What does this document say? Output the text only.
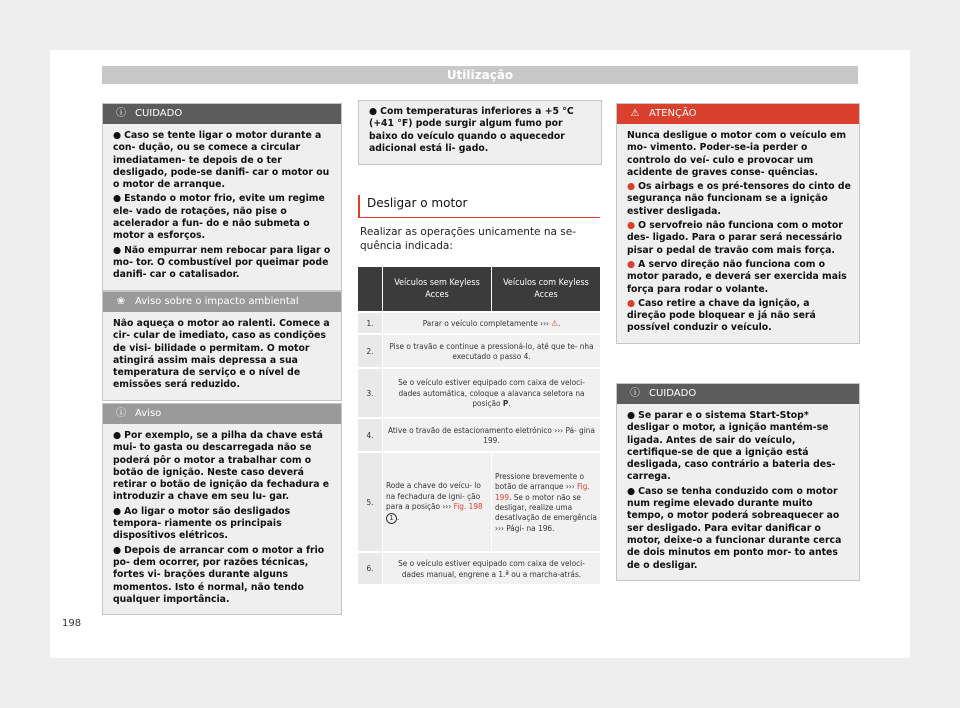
Utilização
ⓘ CUIDADO

● Caso se tente ligar o motor durante a con- dução, ou se comece a circular imediatamen- te depois de o ter desligado, pode-se danifi- car o motor ou o motor de arranque.

● Estando o motor frio, evite um regime ele- vado de rotações, não pise o acelerador a fun- do e não submeta o motor a esforços.

● Não empurrar nem rebocar para ligar o mo- tor. O combustível por queimar pode danifi- car o catalisador.

❀ Aviso sobre o impacto ambiental

Não aqueça o motor ao ralenti. Comece a cir- cular de imediato, caso as condições de visi- bilidade o permitam. O motor atingirá assim mais depressa a sua temperatura de serviço e o nível de emissões será reduzido.

ⓘ Aviso

● Por exemplo, se a pilha da chave está mui- to gasta ou descarregada não se poderá pôr o motor a trabalhar com o botão de ignição. Neste caso deverá retirar o botão de ignição da fechadura e introduzir a chave em seu lu- gar.

● Ao ligar o motor são desligados tempora- riamente os principais dispositivos elétricos.

● Depois de arrancar com o motor a frio po- dem ocorrer, por razões técnicas, fortes vi- brações durante alguns momentos. Isto é normal, não tendo qualquer importância.

● Com temperaturas inferiores a +5 °C (+41 °F) pode surgir algum fumo por baixo do veículo quando o aquecedor adicional está li- gado.

Desligar o motor
Realizar as operações unicamente na se- quência indicada:
	Veículos sem Keyless Acces	Veículos com Keyless Acces
1.	Parar o veículo completamente ››› ⚠.	
2.	Pise o travão e continue a pressioná-lo, até que te- nha executado o passo 4.	
3.	Se o veículo estiver equipado com caixa de veloci- dades automática, coloque a alavanca seletora na posição P.	
4.	Ative o travão de estacionamento eletrónico ››› Pá- gina 199.	
5.	Rode a chave do veícu- lo na fechadura de igni- ção para a posição ››› Fig. 198 1 .	Pressione brevemente o botão de arranque ››› Fig. 199. Se o motor não se desligar, realize uma desativação de emergência ››› Pági- na 196.
6.	Se o veículo estiver equipado com caixa de veloci- dades manual, engrene a 1.ª ou a marcha-atrás.	
⚠ ATENÇÃO

Nunca desligue o motor com o veículo em mo- vimento. Poder-se-ia perder o controlo do veí- culo e provocar um acidente de graves conse- quências.

● Os airbags e os pré-tensores do cinto de segurança não funcionam se a ignição estiver desligada.

● O servofreio não funciona com o motor des- ligado. Para o parar será necessário pisar o pedal de travão com mais força.

● A servo direção não funciona com o motor parado, e deverá ser exercida mais força para rodar o volante.

● Caso retire a chave da ignição, a direção pode bloquear e já não será possível conduzir o veículo.

ⓘ CUIDADO

● Se parar e o sistema Start-Stop* desligar o motor, a ignição mantém-se ligada. Antes de sair do veículo, certifique-se de que a ignição está desligada, caso contrário a bateria des- carrega.

● Caso se tenha conduzido com o motor num regime elevado durante muito tempo, o motor poderá sobreaquecer ao ser desligado. Para evitar danificar o motor, deixe-o a funcionar durante cerca de dois minutos em ponto mor- to antes de o desligar.

198
